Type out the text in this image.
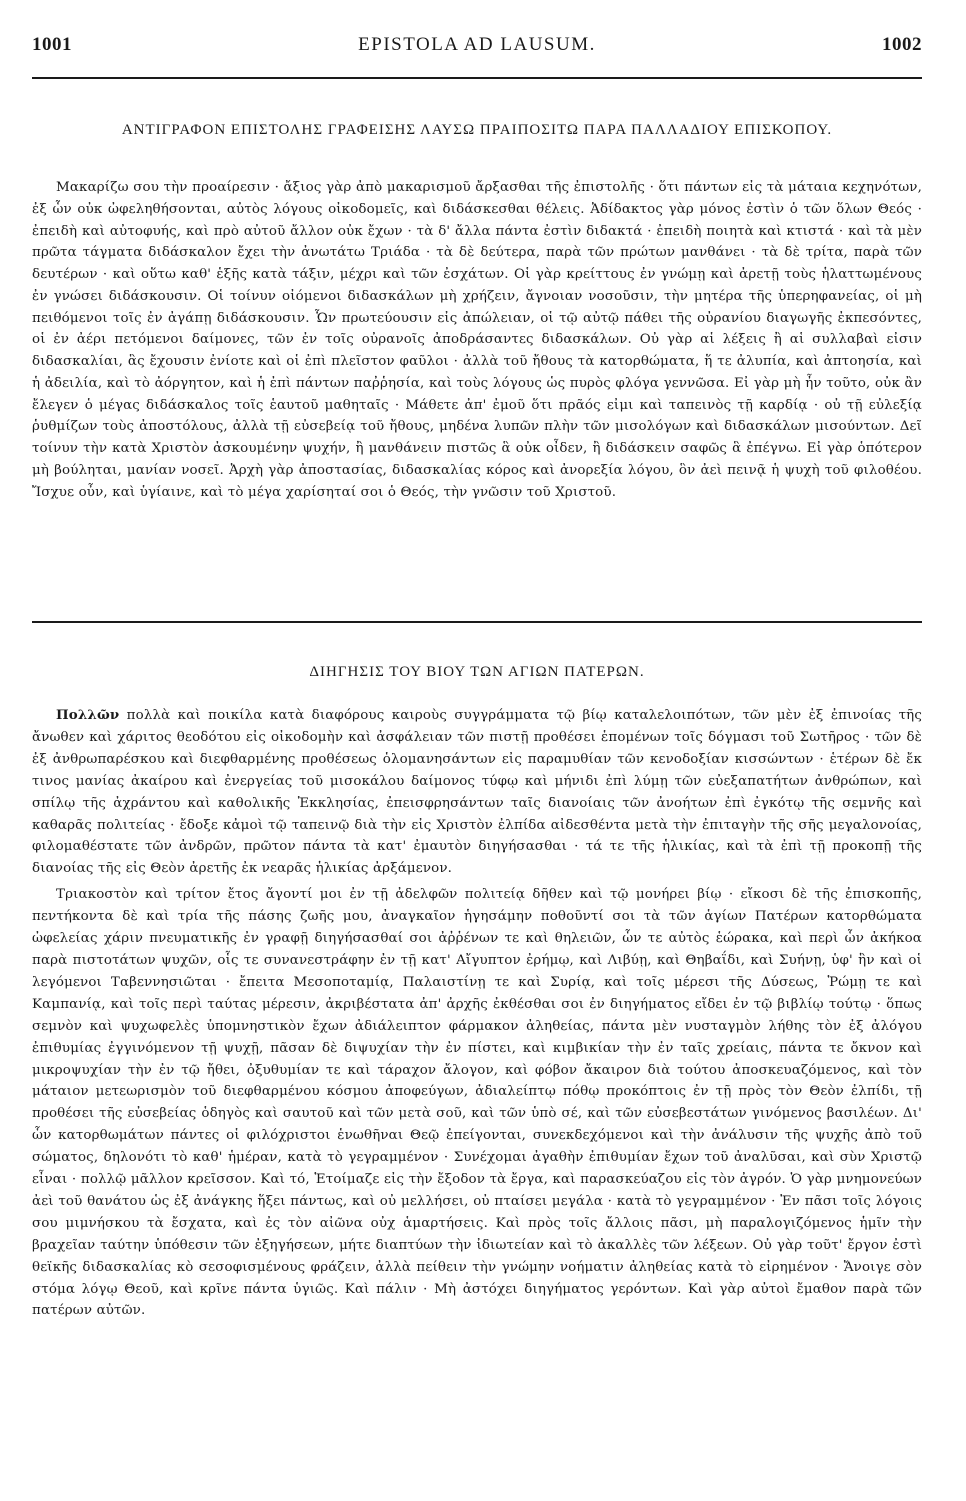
1001	EPISTOLA AD LAUSUM.	1002
ΑΝΤΙΓΡΑΦΟΝ ΕΠΙΣΤΟΛΗΣ ΓΡΑΦΕΙΣΗΣ ΛΑΥΣΩ ΠΡΑΙΠΟΣΙΤΩ ΠΑΡΑ ΠΑΛΛΑΔΙΟΥ ΕΠΙΣΚΟΠΟΥ.
Μακαρίζω σου τὴν προαίρεσιν · ἄξιος γὰρ ἀπὸ μακαρισμοῦ ἄρξασθαι τῆς ἐπιστολῆς · ὅτι πάντων εἰς τὰ μάταια κεχηνότων, ἐξ ὧν οὐκ ὠφεληθήσονται, αὐτὸς λόγους οἰκοδομεῖς, καὶ διδάσκεσθαι θέλεις. Ἀδίδακτος γὰρ μόνος ἐστὶν ὁ τῶν ὅλων Θεός · ἐπειδὴ καὶ αὐτοφυής, καὶ πρὸ αὐτοῦ ἄλλον οὐκ ἔχων · τὰ δ' ἄλλα πάντα ἐστὶν διδακτά · ἐπειδὴ ποιητὰ καὶ κτιστά · καὶ τὰ μὲν πρῶτα τάγματα διδάσκαλον ἔχει τὴν ἀνωτάτω Τριάδα · τὰ δὲ δεύτερα, παρὰ τῶν πρώτων μανθάνει · τὰ δὲ τρίτα, παρὰ τῶν δευτέρων · καὶ οὕτω καθ' ἑξῆς κατὰ τάξιν, μέχρι καὶ τῶν ἐσχάτων. Οἱ γὰρ κρείττους ἐν γνώμῃ καὶ ἀρετῇ τοὺς ἡλαττωμένους ἐν γνώσει διδάσκουσιν. Οἱ τοίνυν οἰόμενοι διδασκάλων μὴ χρήζειν, ἄγνοιαν νοσοῦσιν, τὴν μητέρα τῆς ὑπερηφανείας, οἱ μὴ πειθόμενοι τοῖς ἐν ἀγάπῃ διδάσκουσιν. Ὧν πρωτεύουσιν εἰς ἀπώλειαν, οἱ τῷ αὐτῷ πάθει τῆς οὐρανίου διαγωγῆς ἐκπεσόντες, οἱ ἐν ἀέρι πετόμενοι δαίμονες, τῶν ἐν τοῖς οὐρανοῖς ἀποδράσαντες διδασκάλων. Οὐ γὰρ αἱ λέξεις ἢ αἱ συλλαβαὶ εἰσιν διδασκαλίαι, ἃς ἔχουσιν ἐνίοτε καὶ οἱ ἐπὶ πλεῖστον φαῦλοι · ἀλλὰ τοῦ ἤθους τὰ κατορθώματα, ἥ τε ἀλυπία, καὶ ἀπτοησία, καὶ ἡ ἀδειλία, καὶ τὸ ἀόργητον, καὶ ἡ ἐπὶ πάντων παῤῥησία, καὶ τοὺς λόγους ὡς πυρὸς φλόγα γεννῶσα. Εἰ γὰρ μὴ ἦν τοῦτο, οὐκ ἂν ἔλεγεν ὁ μέγας διδάσκαλος τοῖς ἑαυτοῦ μαθηταῖς · Μάθετε ἀπ' ἐμοῦ ὅτι πρᾶός εἰμι καὶ ταπεινὸς τῇ καρδίᾳ · οὐ τῇ εὐλεξίᾳ ῥυθμίζων τοὺς ἀποστόλους, ἀλλὰ τῇ εὐσεβείᾳ τοῦ ἤθους, μηδένα λυπῶν πλὴν τῶν μισολόγων καὶ διδασκάλων μισούντων. Δεῖ τοίνυν τὴν κατὰ Χριστὸν ἀσκουμένην ψυχήν, ἢ μανθάνειν πιστῶς ἃ οὐκ οἶδεν, ἢ διδάσκειν σαφῶς ἃ ἐπέγνω. Εἰ γὰρ ὁπότερον μὴ βούληται, μανίαν νοσεῖ. Ἀρχὴ γὰρ ἀποστασίας, διδασκαλίας κόρος καὶ ἀνορεξία λόγου, ὃν ἀεὶ πεινᾷ ἡ ψυχὴ τοῦ φιλοθέου. Ἴσχυε οὖν, καὶ ὑγίαινε, καὶ τὸ μέγα χαρίσηταί σοι ὁ Θεός, τὴν γνῶσιν τοῦ Χριστοῦ.
ΔΙΗΓΗΣΙΣ ΤΟΥ ΒΙΟΥ ΤΩΝ ΑΓΙΩΝ ΠΑΤΕΡΩΝ.

Πολλῶν πολλὰ καὶ ποικίλα κατὰ διαφόρους καιροὺς συγγράμματα τῷ βίῳ καταλελοιπότων, τῶν μὲν ἐξ ἐπινοίας τῆς ἄνωθεν καὶ χάριτος θεοδότου εἰς οἰκοδομὴν καὶ ἀσφάλειαν τῶν πιστῇ προθέσει ἑπομένων τοῖς δόγμασι τοῦ Σωτῆρος · τῶν δὲ ἐξ ἀνθρωπαρέσκου καὶ διεφθαρμένης προθέσεως ὁλομανησάντων εἰς παραμυθίαν τῶν κενοδοξίαν κισσώντων · ἑτέρων δὲ ἔκ τινος μανίας ἀκαίρου καὶ ἐνεργείας τοῦ μισοκάλου δαίμονος τύφῳ καὶ μήνιδι ἐπὶ λύμῃ τῶν εὐεξαπατήτων ἀνθρώπων, καὶ σπίλῳ τῆς ἀχράντου καὶ καθολικῆς Ἐκκλησίας, ἐπεισφρησάντων ταῖς διανοίαις τῶν ἀνοήτων ἐπὶ ἐγκότῳ τῆς σεμνῆς καὶ καθαρᾶς πολιτείας · ἔδοξε κἀμοὶ τῷ ταπεινῷ διὰ τὴν εἰς Χριστὸν ἐλπίδα αἰδεσθέντα μετὰ τὴν ἐπιταγὴν τῆς σῆς μεγαλονοίας, φιλομαθέστατε τῶν ἀνδρῶν, πρῶτον πάντα τὰ κατ' ἐμαυτὸν διηγήσασθαι · τά τε τῆς ἡλικίας, καὶ τὰ ἐπὶ τῇ προκοπῇ τῆς διανοίας τῆς εἰς Θεὸν ἀρετῆς ἐκ νεαρᾶς ἡλικίας ἀρξάμενον.

Τριακοστὸν καὶ τρίτον ἔτος ἄγοντί μοι ἐν τῇ ἀδελφῶν πολιτείᾳ δῆθεν καὶ τῷ μονήρει βίῳ · εἴκοσι δὲ τῆς ἐπισκοπῆς, πεντήκοντα δὲ καὶ τρία τῆς πάσης ζωῆς μου, ἀναγκαῖον ἡγησάμην ποθοῦντί σοι τὰ τῶν ἁγίων Πατέρων κατορθώματα ὠφελείας χάριν πνευματικῆς ἐν γραφῇ διηγήσασθαί σοι ἀῤῥένων τε καὶ θηλειῶν, ὧν τε αὐτὸς ἑώρακα, καὶ περὶ ὧν ἀκήκοα παρὰ πιστοτάτων ψυχῶν, οἷς τε συνανεστράφην ἐν τῇ κατ' Αἴγυπτον ἐρήμῳ, καὶ Λιβύῃ, καὶ Θηβαΐδι, καὶ Συήνῃ, ὑφ' ἣν καὶ οἱ λεγόμενοι Ταβεννησιῶται · ἔπειτα Μεσοποταμίᾳ, Παλαιστίνῃ τε καὶ Συρίᾳ, καὶ τοῖς μέρεσι τῆς Δύσεως, Ῥώμῃ τε καὶ Καμπανίᾳ, καὶ τοῖς περὶ ταύτας μέρεσιν, ἀκριβέστατα ἀπ' ἀρχῆς ἐκθέσθαι σοι ἐν διηγήματος εἴδει ἐν τῷ βιβλίῳ τούτῳ · ὅπως σεμνὸν καὶ ψυχωφελὲς ὑπομνηστικὸν ἔχων ἀδιάλειπτον φάρμακον ἀληθείας, πάντα μὲν νυσταγμὸν λήθης τὸν ἐξ ἀλόγου ἐπιθυμίας ἐγγινόμενον τῇ ψυχῇ, πᾶσαν δὲ διψυχίαν τὴν ἐν πίστει, καὶ κιμβικίαν τὴν ἐν ταῖς χρείαις, πάντα τε ὄκνον καὶ μικροψυχίαν τὴν ἐν τῷ ἤθει, ὀξυθυμίαν τε καὶ τάραχον ἄλογον, καὶ φόβον ἄκαιρον διὰ τούτου ἀποσκευαζόμενος, καὶ τὸν μάταιον μετεωρισμὸν τοῦ διεφθαρμένου κόσμου ἀποφεύγων, ἀδιαλείπτῳ πόθῳ προκόπτοις ἐν τῇ πρὸς τὸν Θεὸν ἐλπίδι, τῇ προθέσει τῆς εὐσεβείας ὁδηγὸς καὶ σαυτοῦ καὶ τῶν μετὰ σοῦ, καὶ τῶν ὑπὸ σέ, καὶ τῶν εὐσεβεστάτων γινόμενος βασιλέων. Δι' ὧν κατορθωμάτων πάντες οἱ φιλόχριστοι ἑνωθῆναι Θεῷ ἐπείγονται, συνεκδεχόμενοι καὶ τὴν ἀνάλυσιν τῆς ψυχῆς ἀπὸ τοῦ σώματος, δηλονότι τὸ καθ' ἡμέραν, κατὰ τὸ γεγραμμένον · Συνέχομαι ἀγαθὴν ἐπιθυμίαν ἔχων τοῦ ἀναλῦσαι, καὶ σὺν Χριστῷ εἶναι · πολλῷ μᾶλλον κρεῖσσον. Καὶ τό, Ἑτοίμαζε εἰς τὴν ἔξοδον τὰ ἔργα, καὶ παρασκεύαζου εἰς τὸν ἀγρόν. Ὁ γὰρ μνημονεύων ἀεὶ τοῦ θανάτου ὡς ἐξ ἀνάγκης ἥξει πάντως, καὶ οὐ μελλήσει, οὐ πταίσει μεγάλα · κατὰ τὸ γεγραμμένον · Ἐν πᾶσι τοῖς λόγοις σου μιμνήσκου τὰ ἔσχατα, καὶ ἐς τὸν αἰῶνα οὐχ ἁμαρτήσεις. Καὶ πρὸς τοῖς ἄλλοις πᾶσι, μὴ παραλογιζόμενος ἡμῖν τὴν βραχεῖαν ταύτην ὑπόθεσιν τῶν ἐξηγήσεων, μήτε διαπτύων τὴν ἰδιωτείαν καὶ τὸ ἀκαλλὲς τῶν λέξεων. Οὐ γὰρ τοῦτ' ἔργον ἐστὶ θεϊκῆς διδασκαλίας κὸ σεσοφισμένους φράζειν, ἀλλὰ πείθειν τὴν γνώμην νοήματιν ἀληθείας κατὰ τὸ εἰρημένον · Ἄνοιγε σὸν στόμα λόγῳ Θεοῦ, καὶ κρῖνε πάντα ὑγιῶς. Καὶ πάλιν · Μὴ ἀστόχει διηγήματος γερόντων. Καὶ γὰρ αὐτοὶ ἔμαθον παρὰ τῶν πατέρων αὐτῶν.
